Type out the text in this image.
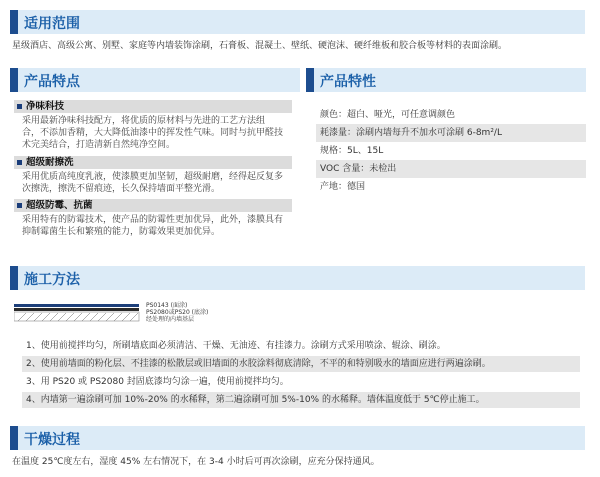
适用范围
星级酒店、高级公寓、别墅、家庭等内墙装饰涂刷，石膏板、混凝土、壁纸、硬泡沫、硬纤维板和胶合板等材料的表面涂刷。
产品特点
净味科技
采用最新净味科技配方，将优质的原材料与先进的工艺方法组
合，不添加香精，大大降低油漆中的挥发性气味。同时与抗甲醛技
术完美结合，打造清新自然纯净空间。
超级耐擦洗
采用优质高纯度乳液，使漆膜更加坚韧，超级耐磨，经得起反复多
次擦洗，擦洗不留痕迹，长久保持墙面平整光滑。
超级防霉、抗菌
采用特有的防霉技术，使产品的防霉性更加优异，此外，漆膜具有
抑制霉菌生长和繁殖的能力，防霉效果更加优异。
产品特性
颜色：超白、哑光，可任意调颜色
耗漆量：涂刷内墙每升不加水可涂刷 6-8m²/L
规格：5L、15L
VOC 含量：未检出
产地：德国
施工方法
PS0143 (面涂)
PS2080或PS20 (底涂)
经处理的内墙基层
1、使用前搅拌均匀，所刷墙底面必须清洁、干燥、无油迹、有挂漆力。涂刷方式采用喷涂、辊涂、刷涂。
2、使用前墙面的粉化层、不挂漆的松散层或旧墙面的水胶涂料彻底清除，不平的和特别吸水的墙面应进行两遍涂刷。
3、用 PS20 或 PS2080 封固底漆均匀涂一遍，使用前搅拌均匀。
4、内墙第一遍涂刷可加 10%-20% 的水稀释，第二遍涂刷可加 5%-10% 的水稀释。墙体温度低于 5℃停止施工。
干燥过程
在温度 25℃度左右，湿度 45% 左右情况下，在 3-4 小时后可再次涂刷，应充分保持通风。
